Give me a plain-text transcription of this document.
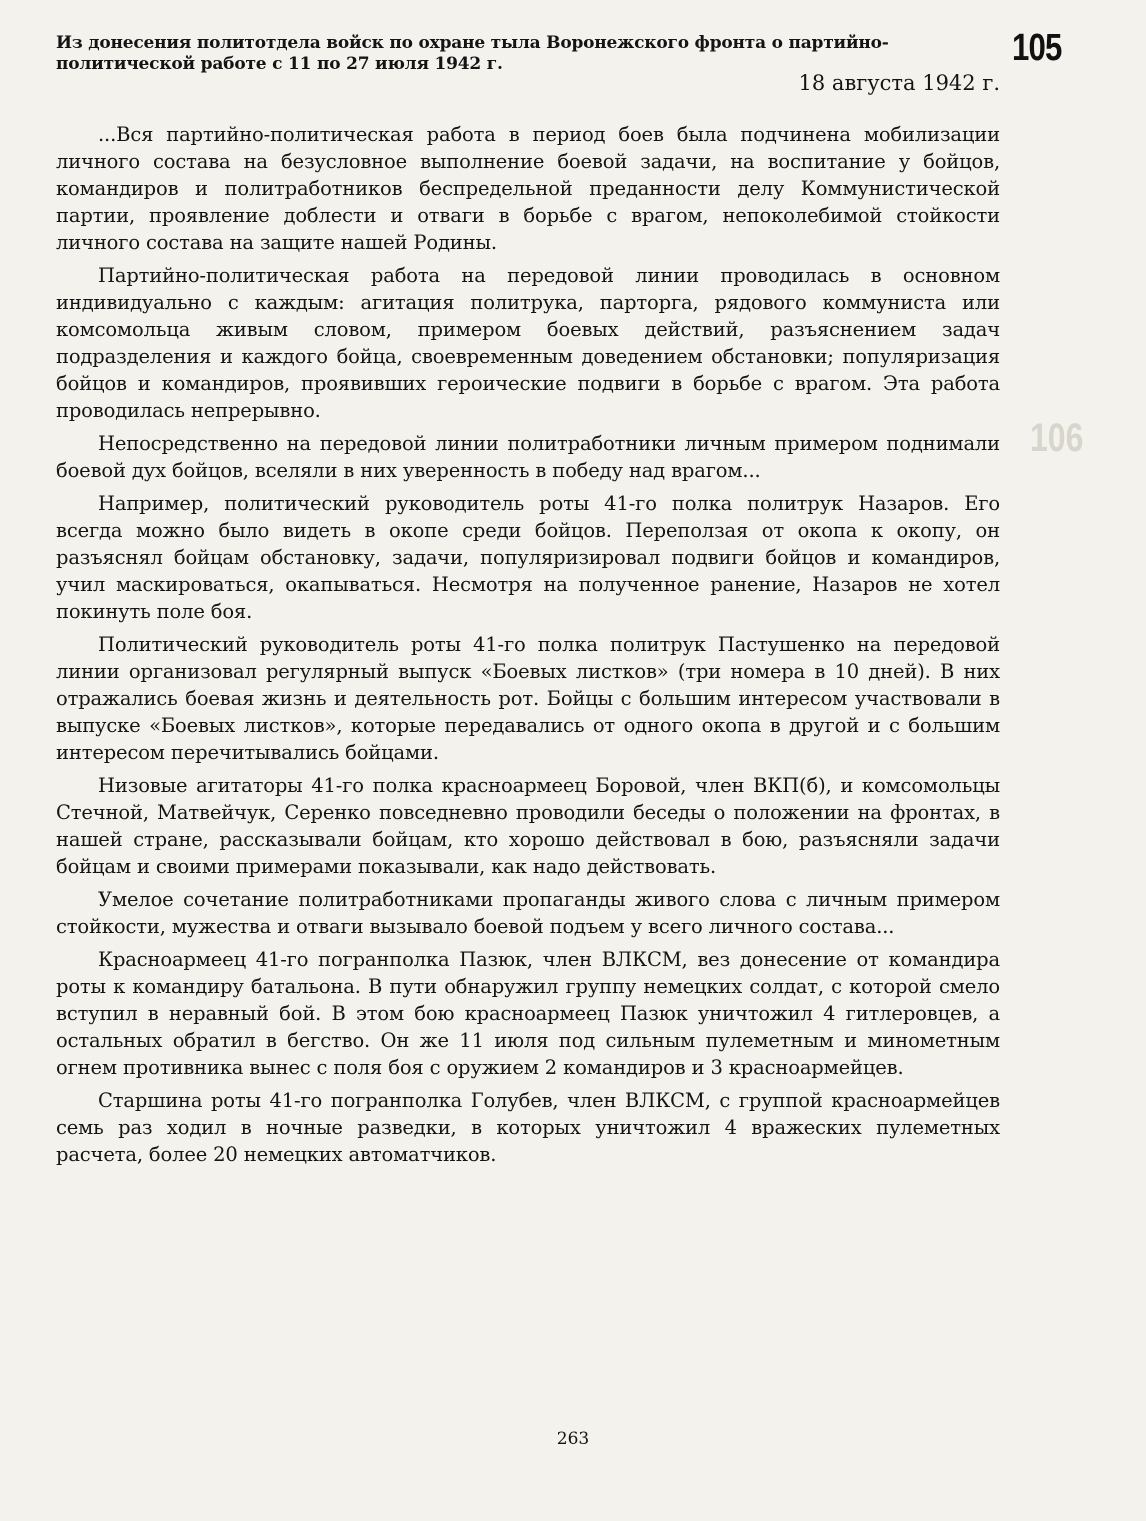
106
105
Из донесения политотдела войск по охране тыла Воронежского фронта о партийно-политической работе с 11 по 27 июля 1942 г.
18 августа 1942 г.

...Вся партийно-политическая работа в период боев была подчинена мобилизации личного состава на безусловное выполнение боевой задачи, на воспитание у бойцов, командиров и политработников беспредельной преданности делу Коммунистической партии, проявление доблести и отваги в борьбе с врагом, непоколебимой стойкости личного состава на защите нашей Родины.

Партийно-политическая работа на передовой линии проводилась в основном индивидуально с каждым: агитация политрука, парторга, рядового коммуниста или комсомольца живым словом, примером боевых действий, разъяснением задач подразделения и каждого бойца, своевременным доведением обстановки; популяризация бойцов и командиров, проявивших героические подвиги в борьбе с врагом. Эта работа проводилась непрерывно.

Непосредственно на передовой линии политработники личным примером поднимали боевой дух бойцов, вселяли в них уверенность в победу над врагом...

Например, политический руководитель роты 41-го полка политрук Назаров. Его всегда можно было видеть в окопе среди бойцов. Переползая от окопа к окопу, он разъяснял бойцам обстановку, задачи, популяризировал подвиги бойцов и командиров, учил маскироваться, окапываться. Несмотря на полученное ранение, Назаров не хотел покинуть поле боя.

Политический руководитель роты 41-го полка политрук Пастушенко на передовой линии организовал регулярный выпуск «Боевых листков» (три номера в 10 дней). В них отражались боевая жизнь и деятельность рот. Бойцы с большим интересом участвовали в выпуске «Боевых листков», которые передавались от одного окопа в другой и с большим интересом перечитывались бойцами.

Низовые агитаторы 41-го полка красноармеец Боровой, член ВКП(б), и комсомольцы Стечной, Матвейчук, Серенко повседневно проводили беседы о положении на фронтах, в нашей стране, рассказывали бойцам, кто хорошо действовал в бою, разъясняли задачи бойцам и своими примерами показывали, как надо действовать.

Умелое сочетание политработниками пропаганды живого слова с личным примером стойкости, мужества и отваги вызывало боевой подъем у всего личного состава...

Красноармеец 41-го погранполка Пазюк, член ВЛКСМ, вез донесение от командира роты к командиру батальона. В пути обнаружил группу немецких солдат, с которой смело вступил в неравный бой. В этом бою красноармеец Пазюк уничтожил 4 гитлеровцев, а остальных обратил в бегство. Он же 11 июля под сильным пулеметным и минометным огнем противника вынес с поля боя с оружием 2 командиров и 3 красноармейцев.

Старшина роты 41-го погранполка Голубев, член ВЛКСМ, с группой красноармейцев семь раз ходил в ночные разведки, в которых уничтожил 4 вражеских пулеметных расчета, более 20 немецких автоматчиков.

263
